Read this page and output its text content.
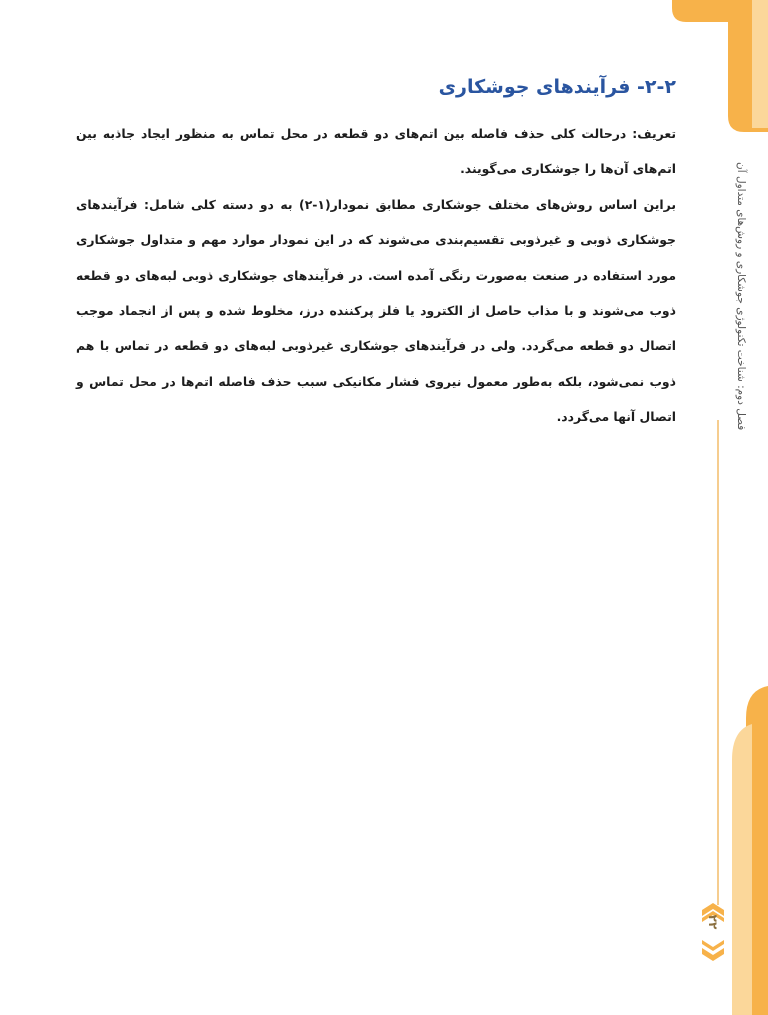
۲-۲- فرآیندهای جوشکاری

تعریف: درحالت کلی حذف فاصله بین اتم‌های دو قطعه در محل تماس به منظور ایجاد جاذبه بین اتم‌های آن‌ها را جوشکاری می‌گویند.

براین اساس روش‌های مختلف جوشکاری مطابق نمودار(۱-۲) به دو دسته کلی شامل: فرآیندهای جوشکاری ذوبی و غیرذوبی تقسیم‌بندی می‌شوند که در این نمودار موارد مهم و متداول جوشکاری مورد استفاده در صنعت به‌صورت رنگی آمده است. در فرآیندهای جوشکاری ذوبی لبه‌های دو قطعه ذوب می‌شوند و با مذاب حاصل از الکترود یا فلز پرکننده درز، مخلوط شده و پس از انجماد موجب اتصال دو قطعه می‌گردد. ولی در فرآیندهای جوشکاری غیرذوبی لبه‌های دو قطعه در تماس با هم ذوب نمی‌شود، بلکه به‌طور معمول نیروی فشار مکانیکی سبب حذف فاصله اتم‌ها در محل تماس و اتصال آنها می‌گردد.	فصل دوم: شناخت تکنولوژی جوشکاری و روش‌های متداول آن
۲۲
